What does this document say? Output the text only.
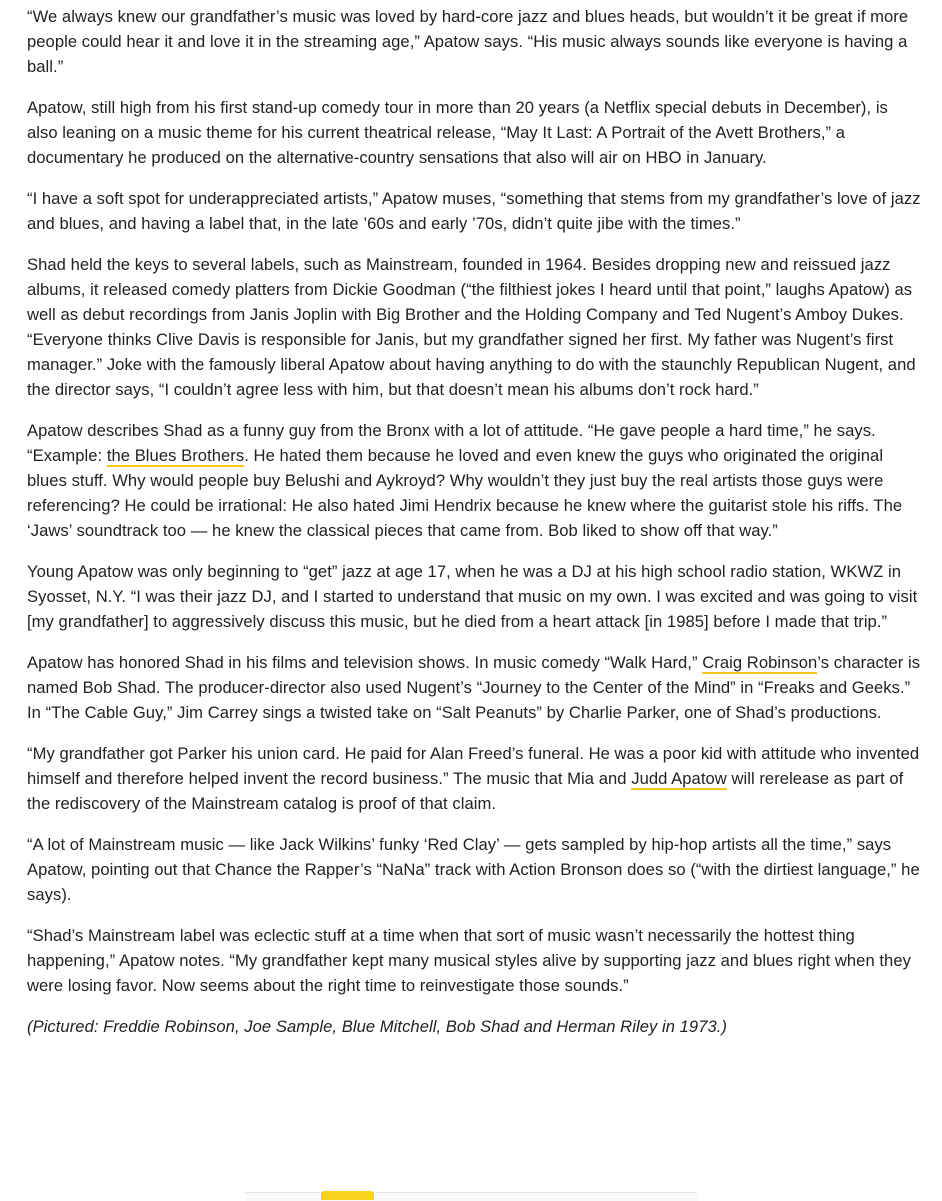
“We always knew our grandfather’s music was loved by hard-core jazz and blues heads, but wouldn’t it be great if more people could hear it and love it in the streaming age,” Apatow says. “His music always sounds like everyone is having a ball.”

Apatow, still high from his first stand-up comedy tour in more than 20 years (a Netflix special debuts in December), is also leaning on a music theme for his current theatrical release, “May It Last: A Portrait of the Avett Brothers,” a documentary he produced on the alternative-country sensations that also will air on HBO in January.

“I have a soft spot for underappreciated artists,” Apatow muses, “something that stems from my grandfather’s love of jazz and blues, and having a label that, in the late ’60s and early ’70s, didn’t quite jibe with the times.”

Shad held the keys to several labels, such as Mainstream, founded in 1964. Besides dropping new and reissued jazz albums, it released comedy platters from Dickie Goodman (“the filthiest jokes I heard until that point,” laughs Apatow) as well as debut recordings from Janis Joplin with Big Brother and the Holding Company and Ted Nugent’s Amboy Dukes. “Everyone thinks Clive Davis is responsible for Janis, but my grandfather signed her first. My father was Nugent’s first manager.” Joke with the famously liberal Apatow about having anything to do with the staunchly Republican Nugent, and the director says, “I couldn’t agree less with him, but that doesn’t mean his albums don’t rock hard.”

Apatow describes Shad as a funny guy from the Bronx with a lot of attitude. “He gave people a hard time,” he says. “Example: the Blues Brothers. He hated them because he loved and even knew the guys who originated the original blues stuff. Why would people buy Belushi and Aykroyd? Why wouldn’t they just buy the real artists those guys were referencing? He could be irrational: He also hated Jimi Hendrix because he knew where the guitarist stole his riffs. The ‘Jaws’ soundtrack too — he knew the classical pieces that came from. Bob liked to show off that way.”

Young Apatow was only beginning to “get” jazz at age 17, when he was a DJ at his high school radio station, WKWZ in Syosset, N.Y. “I was their jazz DJ, and I started to understand that music on my own. I was excited and was going to visit [my grandfather] to aggressively discuss this music, but he died from a heart attack [in 1985] before I made that trip.”

Apatow has honored Shad in his films and television shows. In music comedy “Walk Hard,” Craig Robinson’s character is named Bob Shad. The producer-director also used Nugent’s “Journey to the Center of the Mind” in “Freaks and Geeks.” In “The Cable Guy,” Jim Carrey sings a twisted take on “Salt Peanuts” by Charlie Parker, one of Shad’s productions.

“My grandfather got Parker his union card. He paid for Alan Freed’s funeral. He was a poor kid with attitude who invented himself and therefore helped invent the record business.” The music that Mia and Judd Apatow will rerelease as part of the rediscovery of the Mainstream catalog is proof of that claim.

“A lot of Mainstream music — like Jack Wilkins’ funky ‘Red Clay’ — gets sampled by hip-hop artists all the time,” says Apatow, pointing out that Chance the Rapper’s “NaNa” track with Action Bronson does so (“with the dirtiest language,” he says).

“Shad’s Mainstream label was eclectic stuff at a time when that sort of music wasn’t necessarily the hottest thing happening,” Apatow notes. “My grandfather kept many musical styles alive by supporting jazz and blues right when they were losing favor. Now seems about the right time to reinvestigate those sounds.”

(Pictured: Freddie Robinson, Joe Sample, Blue Mitchell, Bob Shad and Herman Riley in 1973.)
